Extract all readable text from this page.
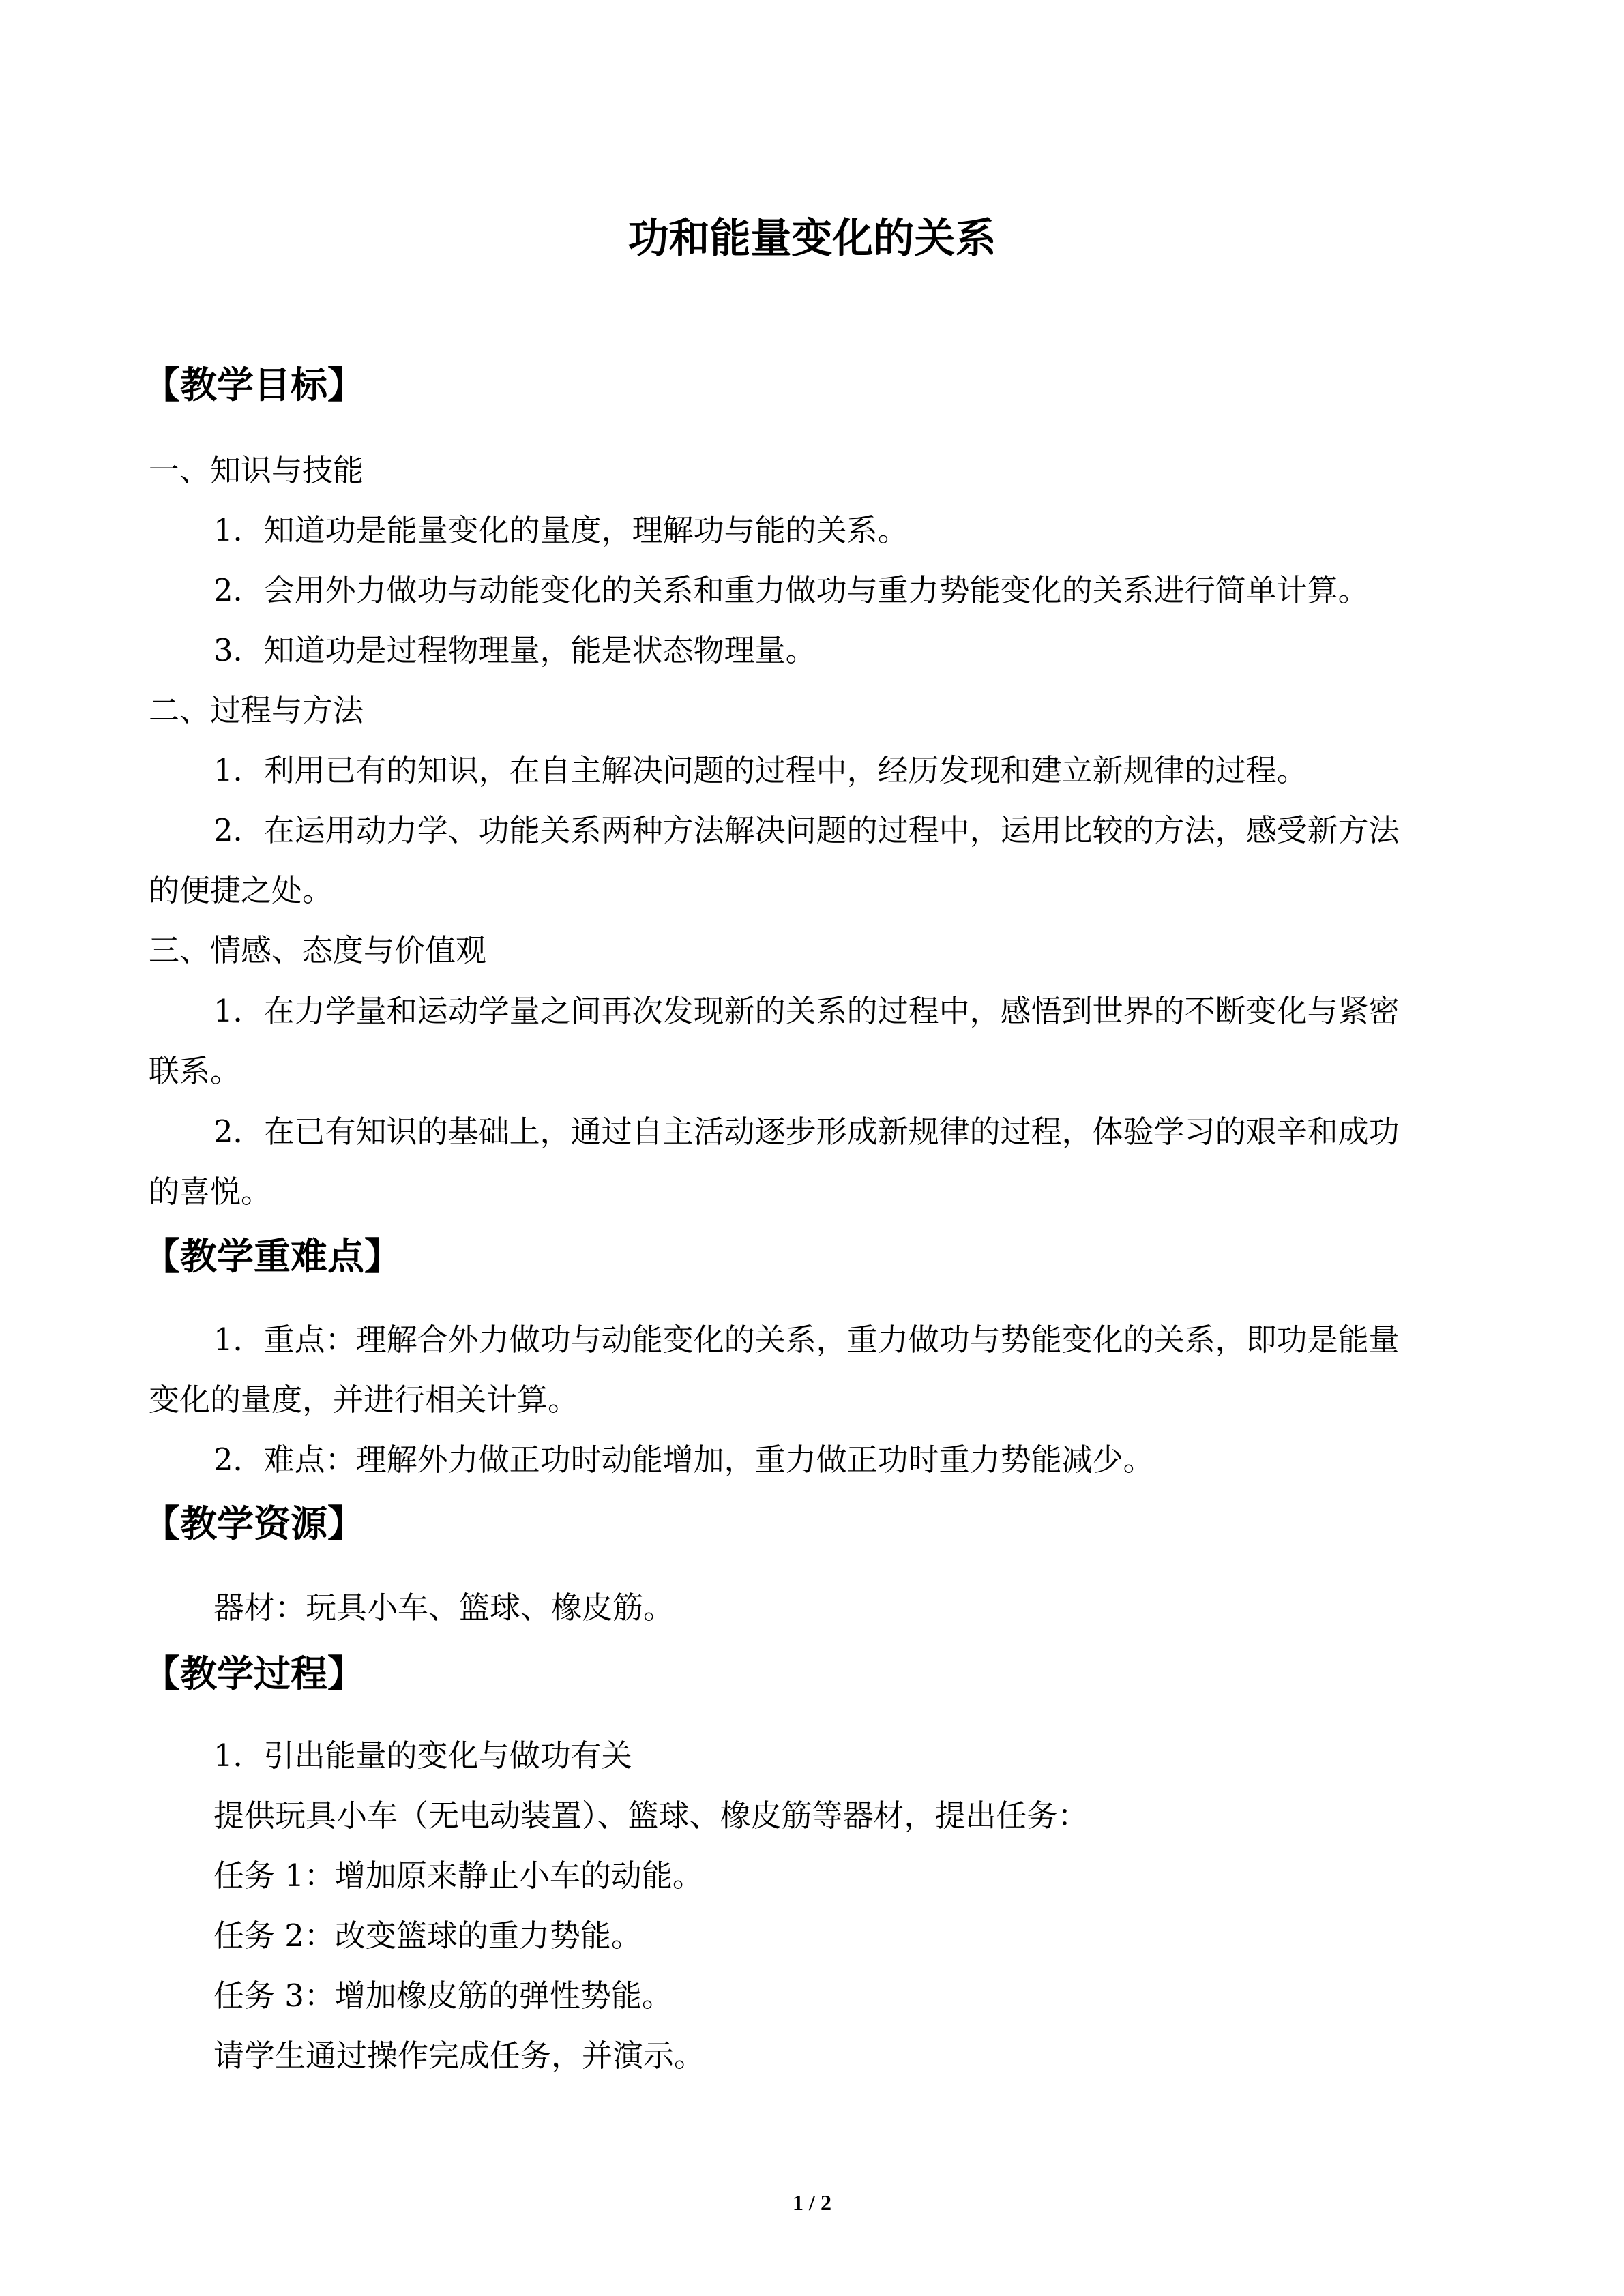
功和能量变化的关系
【教学目标】
一、知识与技能
1．知道功是能量变化的量度，理解功与能的关系。
2．会用外力做功与动能变化的关系和重力做功与重力势能变化的关系进行简单计算。
3．知道功是过程物理量，能是状态物理量。
二、过程与方法
1．利用已有的知识，在自主解决问题的过程中，经历发现和建立新规律的过程。
2．在运用动力学、功能关系两种方法解决问题的过程中，运用比较的方法，感受新方法
的便捷之处。
三、情感、态度与价值观
1．在力学量和运动学量之间再次发现新的关系的过程中，感悟到世界的不断变化与紧密
联系。
2．在已有知识的基础上，通过自主活动逐步形成新规律的过程，体验学习的艰辛和成功
的喜悦。
【教学重难点】
1．重点：理解合外力做功与动能变化的关系，重力做功与势能变化的关系，即功是能量
变化的量度，并进行相关计算。
2．难点：理解外力做正功时动能增加，重力做正功时重力势能减少。
【教学资源】
器材：玩具小车、篮球、橡皮筋。
【教学过程】
1．引出能量的变化与做功有关
提供玩具小车（无电动装置）、篮球、橡皮筋等器材，提出任务：
任务 1：增加原来静止小车的动能。
任务 2：改变篮球的重力势能。
任务 3：增加橡皮筋的弹性势能。
请学生通过操作完成任务，并演示。
1 / 2
